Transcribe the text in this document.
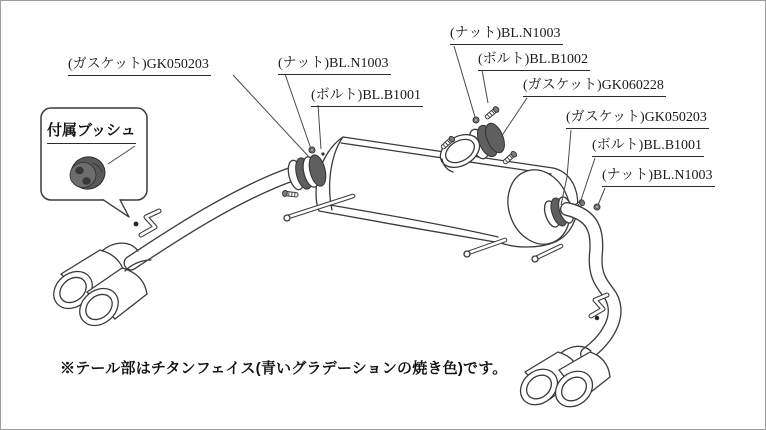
(ガスケット)GK050203	(ナット)BL.N1003
(ボルト)BL.B1001
(ナット)BL.N1003
(ボルト)BL.B1002
(ガスケット)GK060228
(ガスケット)GK050203
(ボルト)BL.B1001
(ナット)BL.N1003
付属ブッシュ
※テール部はチタンフェイス(青いグラデーションの焼き色)です。
